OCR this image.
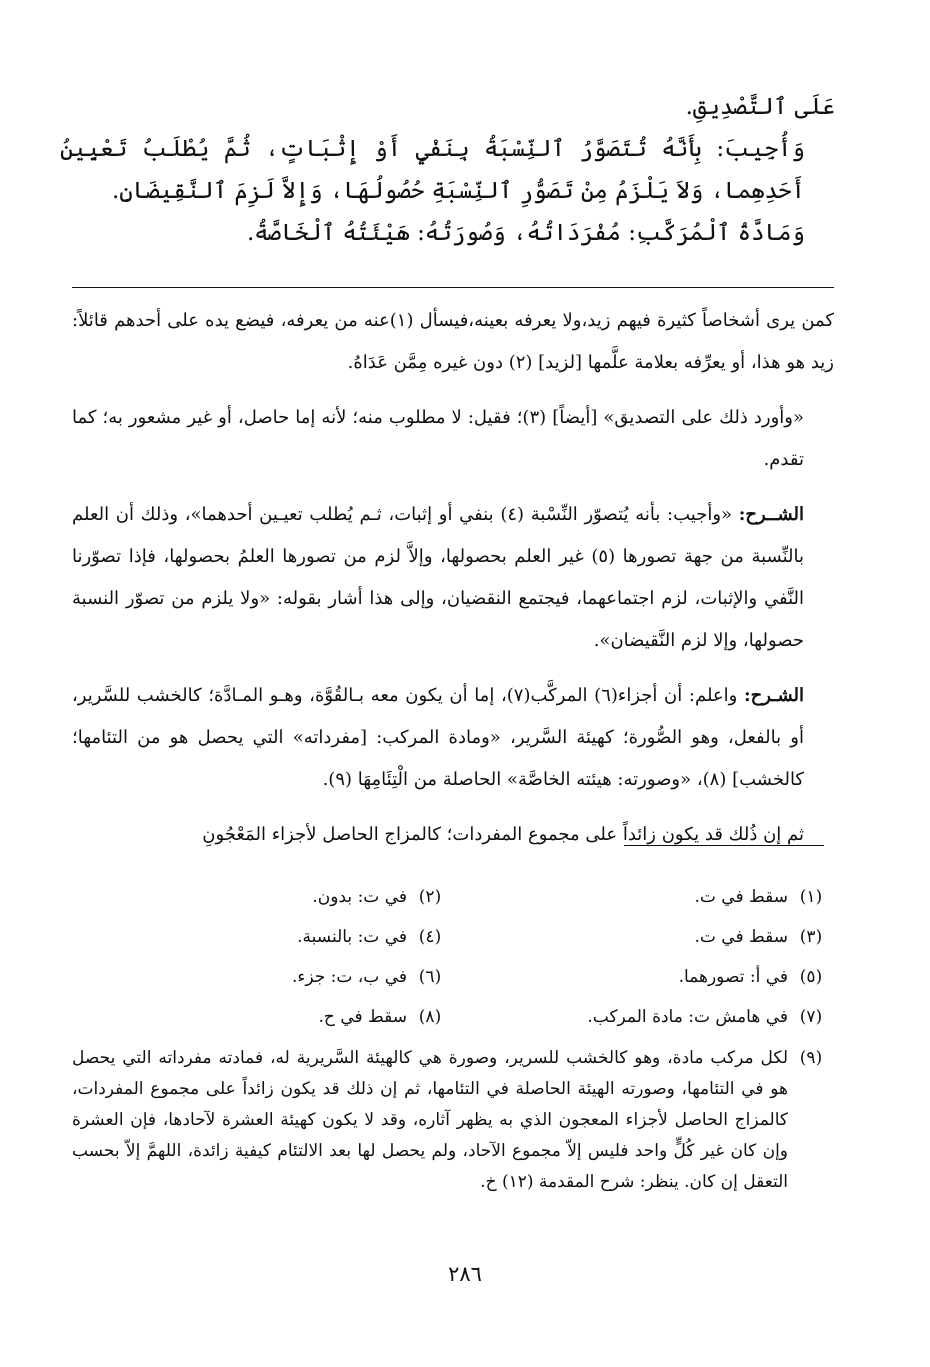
عَلَى ٱلتَّصْدِيقِ.

وَأُجِيبَ: بِأَنَّهُ تُتَصَوَّرُ ٱلنِّسْبَةُ بِنَفْيٍ أَوْ إِثْبَاتٍ، ثُمَّ يُطْلَبُ تَعْيِينُ أَحَدِهِما، وَلاَ يَلْزَمُ مِنْ تَصَوُّرِ ٱلنِّسْبَةِ حُصُولُهَا، وَإِلاَّ لَزِمَ ٱلنَّقِيضَانِ.

وَمَادَّةُ ٱلْمُرَكَّبِ: مُفْرَدَاتُهُ، وَصُورَتُهُ: هَيْئَتُهُ ٱلْخَاصَّةُ.

كمن يرى أشخاصاً كثيرة فيهم زيد،ولا يعرفه بعينه،فيسأل (١)عنه من يعرفه، فيضع يده على أحدهم قائلاً: زيد هو هذا، أو يعرِّفه بعلامة علَّمها [لزيد] (٢) دون غيره مِمَّن عَدَاهُ.

«وأورد ذلك على التصديق» [أيضاً] (٣)؛ فقيل: لا مطلوب منه؛ لأنه إما حاصل، أو غير مشعور به؛ كما تقدم.

الشــرح: «وأجيب: بأنه يُتصوّر النِّسْبة (٤) بنفي أو إثبات، ثـم يُطلب تعيـين أحدهما»، وذلك أن العلم بالنِّسبة من جهة تصورها (٥) غير العلم بحصولها، وإلاَّ لزم من تصورها العلمُ بحصولها، فإذا تصوّرنا النَّفي والإثبات، لزم اجتماعهما، فيجتمع النقضيان، وإلى هذا أشار بقوله: «ولا يلزم من تصوّر النسبة حصولها، وإلا لزم النَّقيضان».

الشـرح: واعلم: أن أجزاء(٦) المركَّب(٧)، إما أن يكون معه بـالقُوَّة، وهـو المـادَّة؛ كالخشب للسَّرير، أو بالفعل، وهو الصُّورة؛ كهيئة السَّرير، «ومادة المركب: [مفرداته» التي يحصل هو من التئامها؛ كالخشب] (٨)، «وصورته: هيئته الخاصَّة» الحاصلة من الْتِئَامِهَا (٩).

ثم إن ذُلك قد يكون زائداً على مجموع المفردات؛ كالمزاج الحاصل لأجزاء المَعْجُونِ

(١)
سقط في ت.
(٢)
في ت: بدون.
(٣)
سقط في ت.
(٤)
في ت: بالنسبة.
(٥)
في أ: تصورهما.
(٦)
في ب، ت: جزء.
(٧)
في هامش ت: مادة المركب.
(٨)
سقط في ح.
(٩)
لكل مركب مادة، وهو كالخشب للسرير، وصورة هي كالهيئة السَّريرية له، فمادته مفرداته التي يحصل هو في التئامها، وصورته الهيئة الحاصلة في التئامها، ثم إن ذلك قد يكون زائداً على مجموع المفردات، كالمزاج الحاصل لأجزاء المعجون الذي به يظهر آثاره، وقد لا يكون كهيئة العشرة لآحادها، فإن العشرة وإن كان غير كُلٍّ واحد فليس إلاّ مجموع الآحاد، ولم يحصل لها بعد الالتئام كيفية زائدة، اللهمَّ إلاّ بحسب التعقل إن كان. ينظر: شرح المقدمة (١٢) خ.
٢٨٦
